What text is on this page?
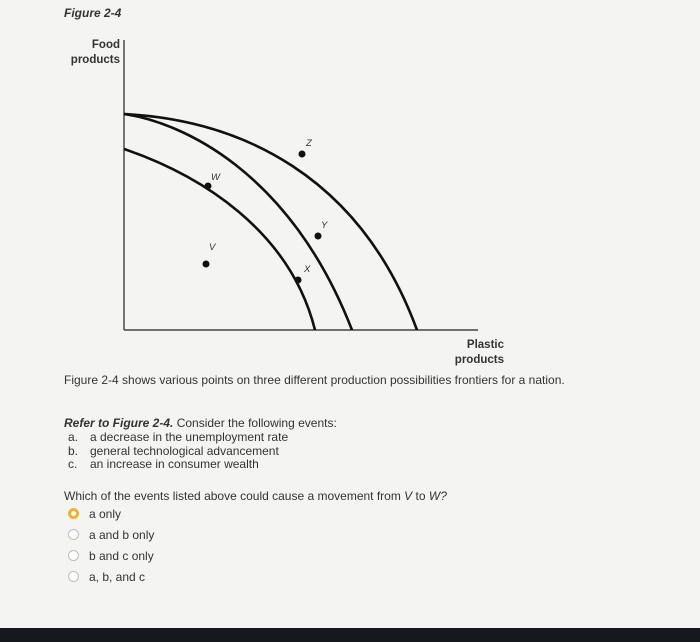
Figure 2-4
Food
products
W
V
X
Y
Z
Plastic
products
Figure 2-4 shows various points on three different production possibilities frontiers for a nation.
Refer to Figure 2-4. Consider the following events:
a. a decrease in the unemployment rate
b. general technological advancement
c.	an increase in consumer wealth
Which of the events listed above could cause a movement from V to W?
a only
a and b only
b and c only
a, b, and c
